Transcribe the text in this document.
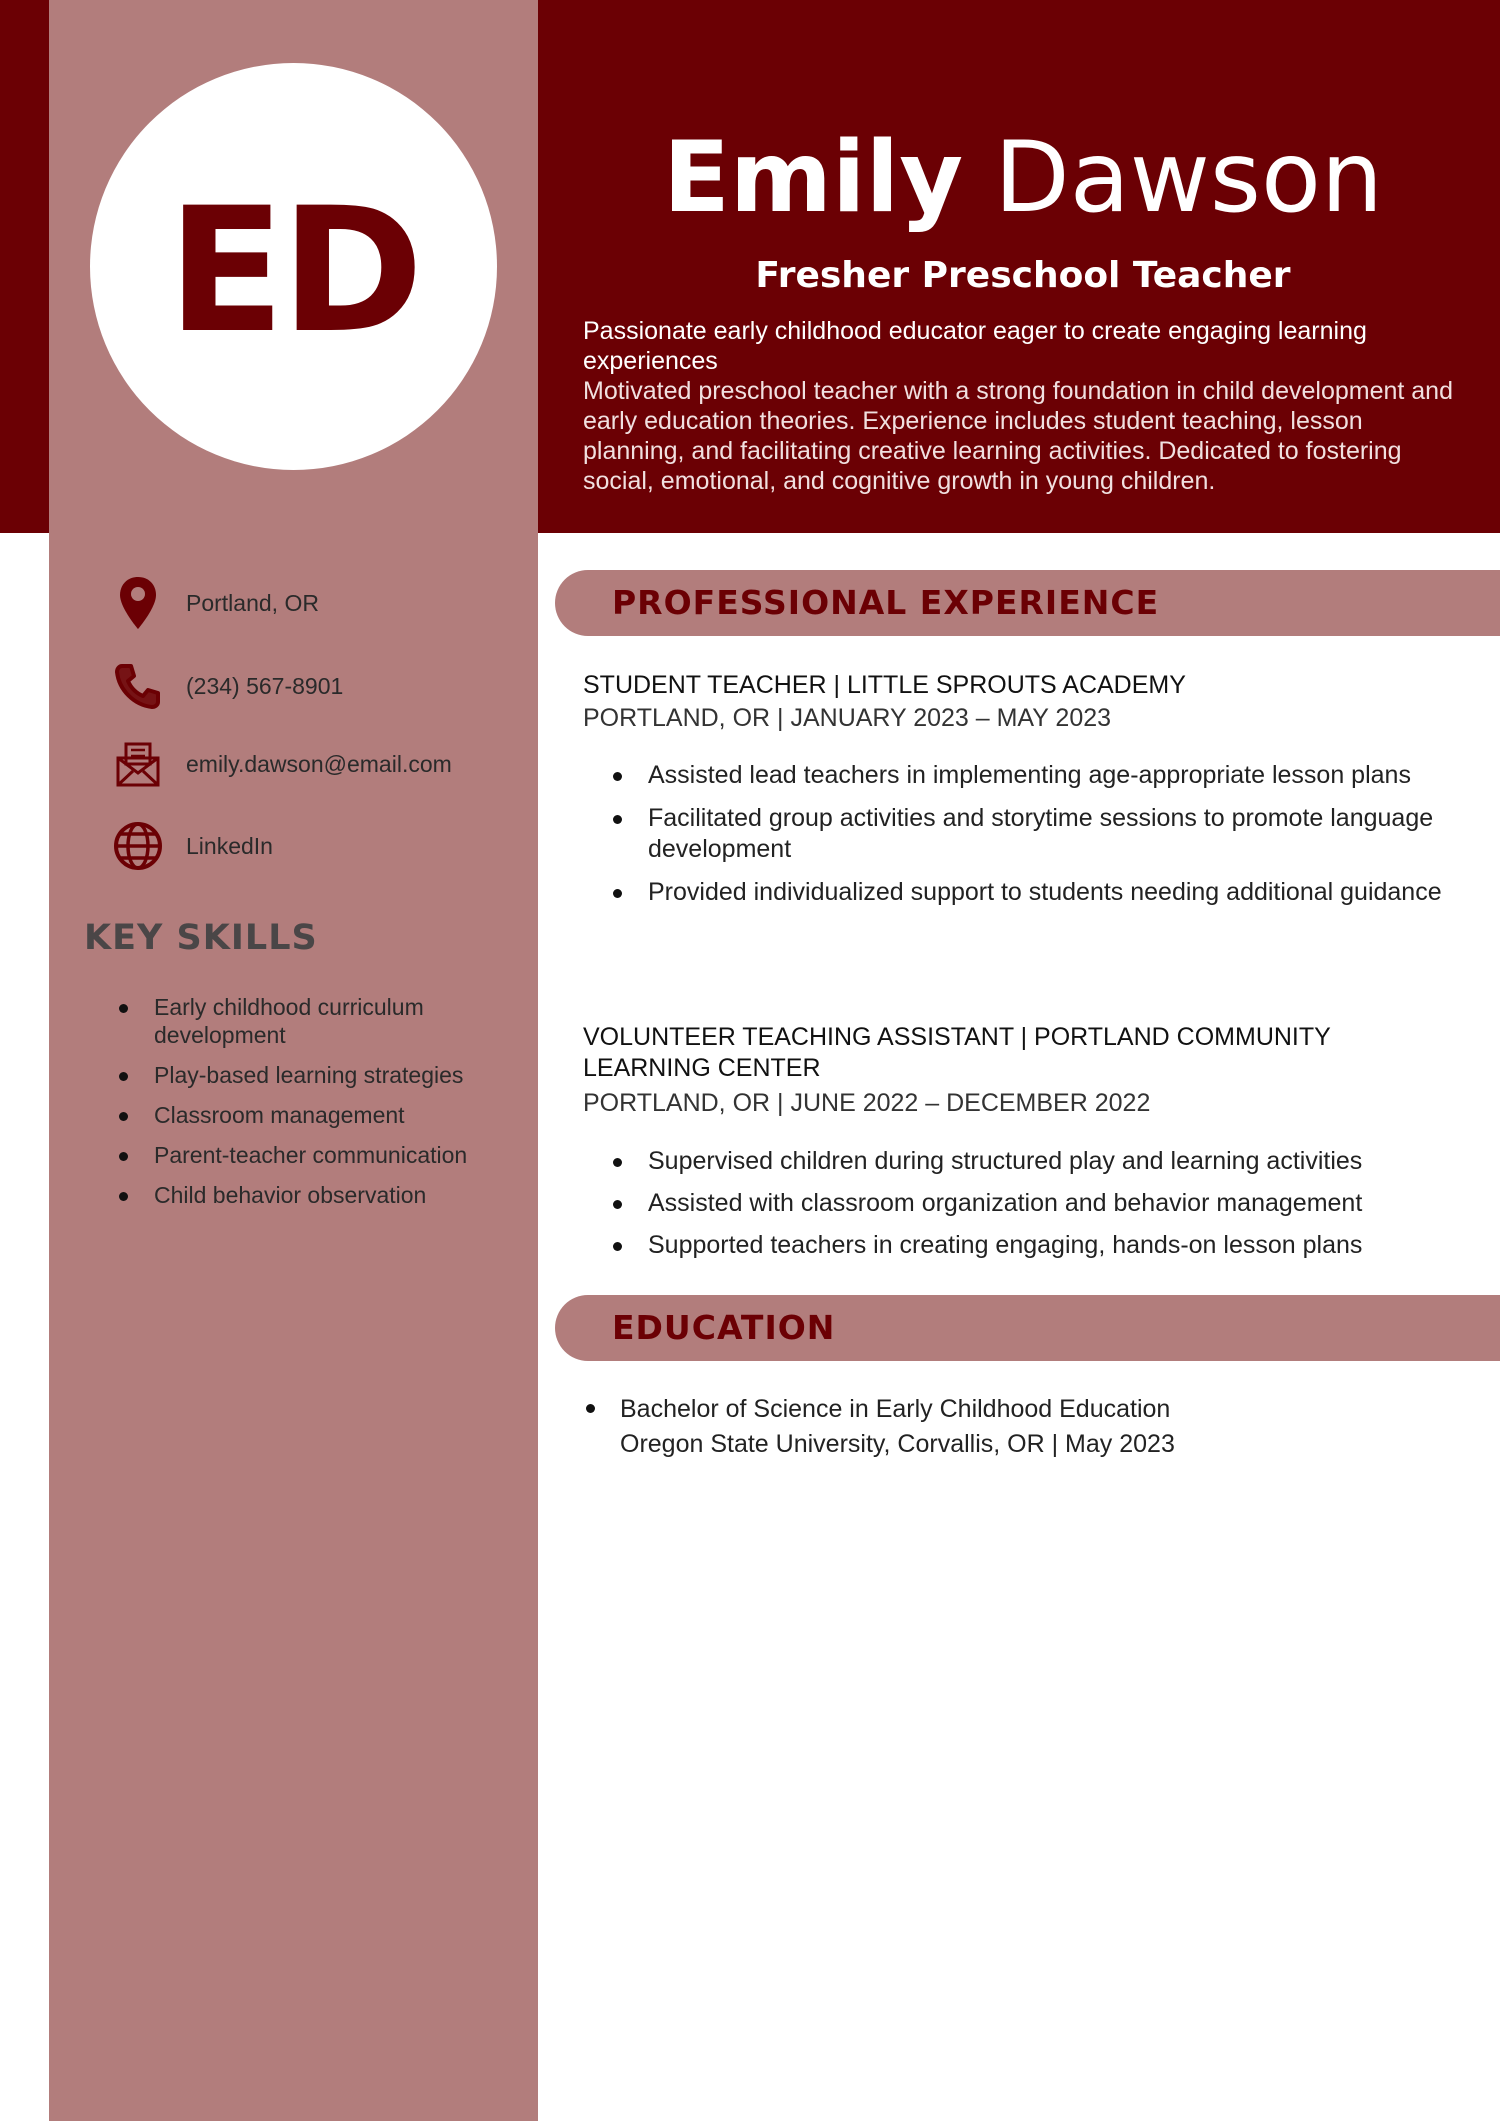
ED	Emily Dawson
Fresher Preschool Teacher

Passionate early childhood educator eager to create engaging learning experiences

Motivated preschool teacher with a strong foundation in child development and early education theories. Experience includes student teaching, lesson planning, and facilitating creative learning activities. Dedicated to fostering social, emotional, and cognitive growth in young children.

Portland, OR
(234) 567-8901
emily.dawson@email.com
LinkedIn
KEY SKILLS
Early childhood curriculum development
Play-based learning strategies
Classroom management
Parent-teacher communication
Child behavior observation
PROFESSIONAL EXPERIENCE
STUDENT TEACHER | LITTLE SPROUTS ACADEMY
PORTLAND, OR | JANUARY 2023 – MAY 2023
Assisted lead teachers in implementing age-appropriate lesson plans
Facilitated group activities and storytime sessions to promote language development
Provided individualized support to students needing additional guidance
VOLUNTEER TEACHING ASSISTANT | PORTLAND COMMUNITY LEARNING CENTER
PORTLAND, OR | JUNE 2022 – DECEMBER 2022
Supervised children during structured play and learning activities
Assisted with classroom organization and behavior management
Supported teachers in creating engaging, hands-on lesson plans
EDUCATION
Bachelor of Science in Early Childhood Education
Oregon State University, Corvallis, OR | May 2023
